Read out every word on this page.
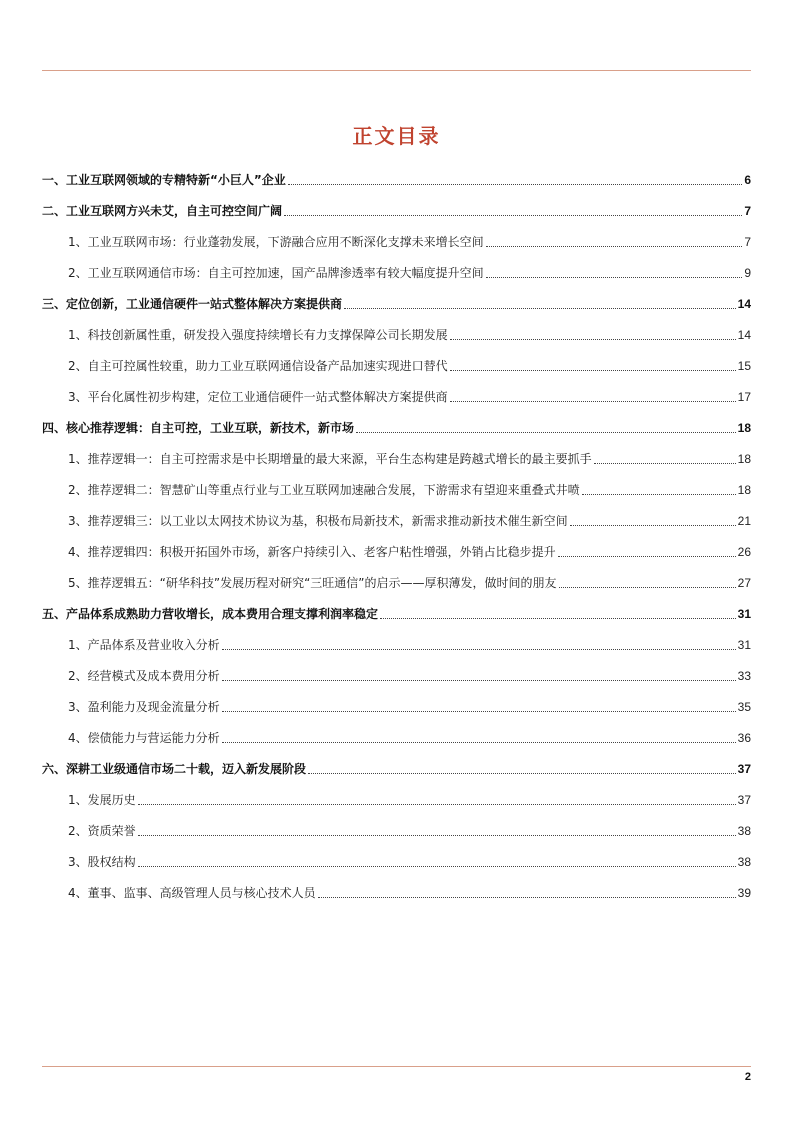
正文目录
一、工业互联网领域的专精特新“小巨人”企业	6
二、工业互联网方兴未艾，自主可控空间广阔	7
1、工业互联网市场：行业蓬勃发展，下游融合应用不断深化支撑未来增长空间	7
2、工业互联网通信市场：自主可控加速，国产品牌渗透率有较大幅度提升空间	9
三、定位创新，工业通信硬件一站式整体解决方案提供商	14
1、科技创新属性重，研发投入强度持续增长有力支撑保障公司长期发展	14
2、自主可控属性较重，助力工业互联网通信设备产品加速实现进口替代	15
3、平台化属性初步构建，定位工业通信硬件一站式整体解决方案提供商	17
四、核心推荐逻辑：自主可控，工业互联，新技术，新市场	18
1、推荐逻辑一：自主可控需求是中长期增量的最大来源，平台生态构建是跨越式增长的最主要抓手	18
2、推荐逻辑二：智慧矿山等重点行业与工业互联网加速融合发展，下游需求有望迎来重叠式井喷	18
3、推荐逻辑三：以工业以太网技术协议为基，积极布局新技术，新需求推动新技术催生新空间	21
4、推荐逻辑四：积极开拓国外市场，新客户持续引入、老客户粘性增强，外销占比稳步提升	26
5、推荐逻辑五：“研华科技”发展历程对研究“三旺通信”的启示——厚积薄发，做时间的朋友	27
五、产品体系成熟助力营收增长，成本费用合理支撑利润率稳定	31
1、产品体系及营业收入分析	31
2、经营模式及成本费用分析	33
3、盈利能力及现金流量分析	35
4、偿债能力与营运能力分析	36
六、深耕工业级通信市场二十载，迈入新发展阶段	37
1、发展历史	37
2、资质荣誉	38
3、股权结构	38
4、董事、监事、高级管理人员与核心技术人员	39
2
